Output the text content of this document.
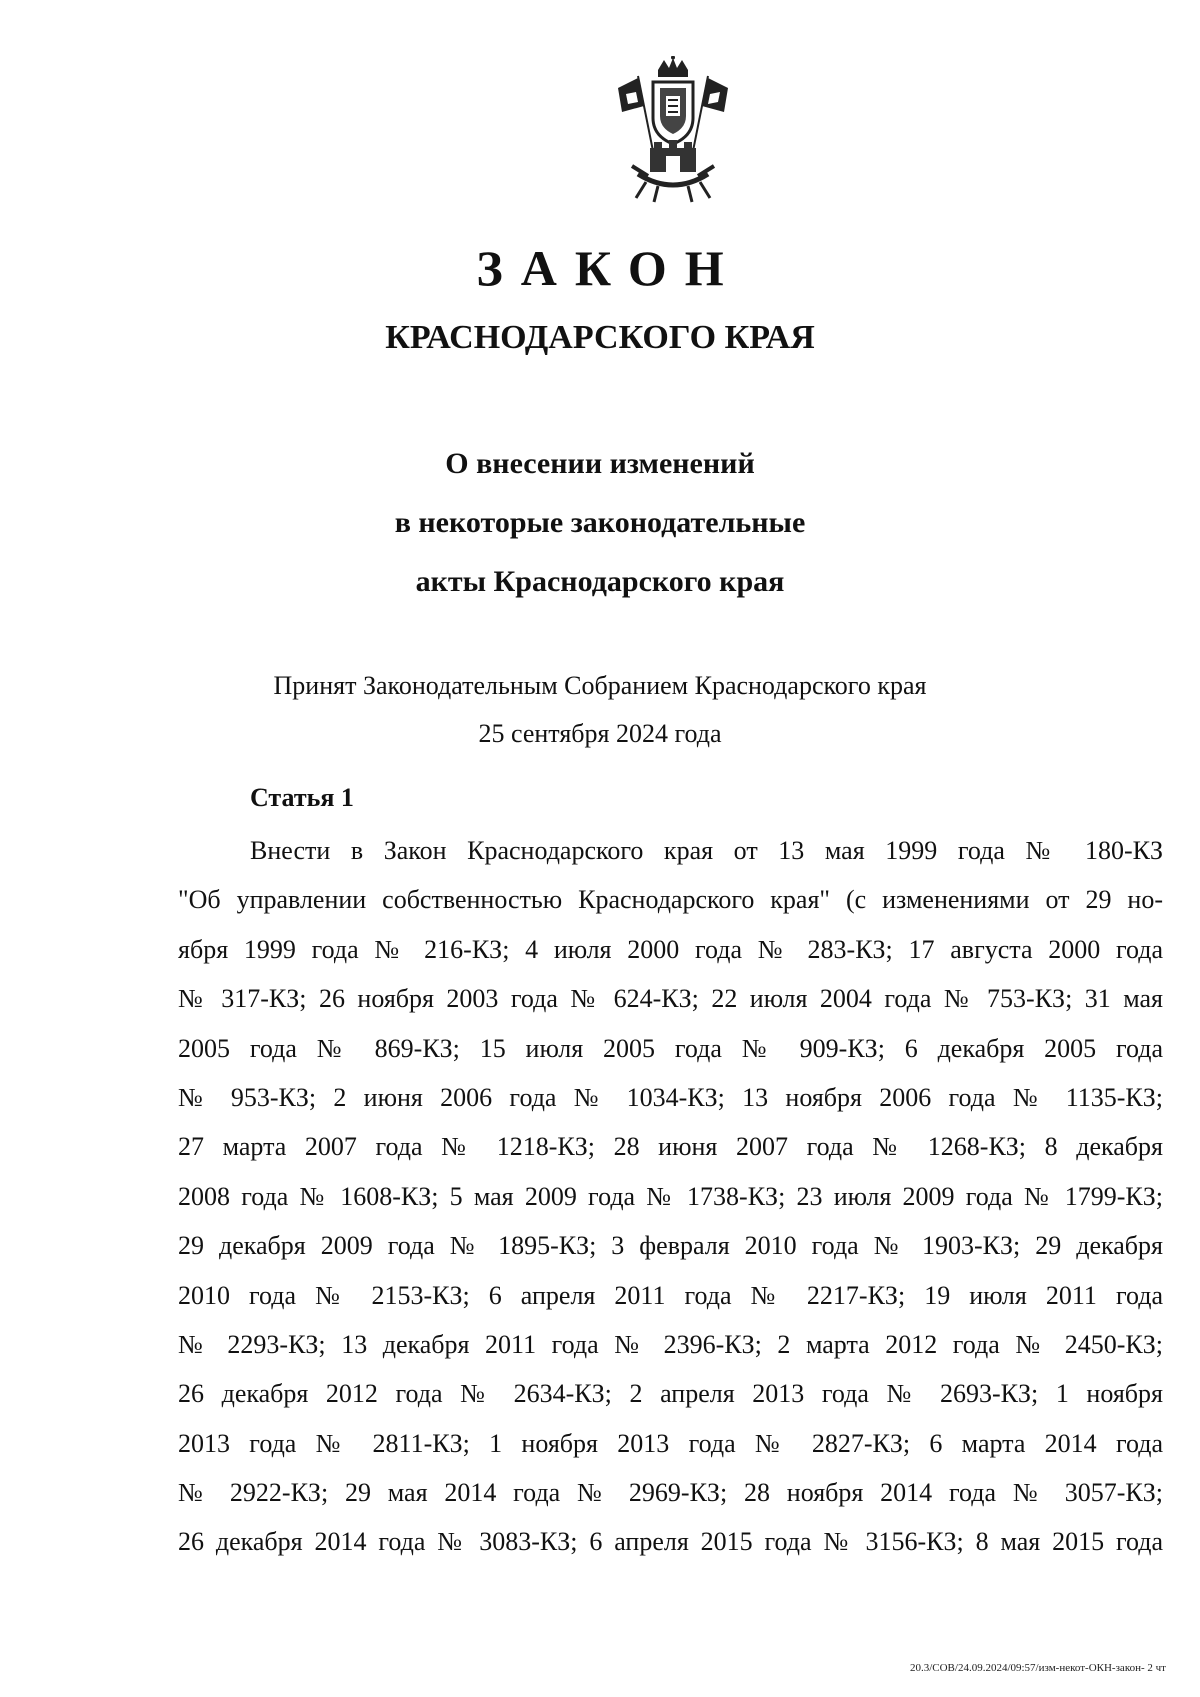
ЗАКОН
КРАСНОДАРСКОГО КРАЯ
О внесении изменений
в некоторые законодательные
акты Краснодарского края
Принят Законодательным Собранием Краснодарского края
25 сентября 2024 года
Статья 1
Внести в Закон Краснодарского края от 13 мая 1999 года № 180-КЗ
"Об управлении собственностью Краснодарского края" (с изменениями от 29 но-
ября 1999 года № 216-КЗ; 4 июля 2000 года № 283-КЗ; 17 августа 2000 года
№ 317-КЗ; 26 ноября 2003 года № 624-КЗ; 22 июля 2004 года № 753-КЗ; 31 мая
2005 года № 869-КЗ; 15 июля 2005 года № 909-КЗ; 6 декабря 2005 года
№ 953-КЗ; 2 июня 2006 года № 1034-КЗ; 13 ноября 2006 года № 1135-КЗ;
27 марта 2007 года № 1218-КЗ; 28 июня 2007 года № 1268-КЗ; 8 декабря
2008 года № 1608-КЗ; 5 мая 2009 года № 1738-КЗ; 23 июля 2009 года № 1799-КЗ;
29 декабря 2009 года № 1895-КЗ; 3 февраля 2010 года № 1903-КЗ; 29 декабря
2010 года № 2153-КЗ; 6 апреля 2011 года № 2217-КЗ; 19 июля 2011 года
№ 2293-КЗ; 13 декабря 2011 года № 2396-КЗ; 2 марта 2012 года № 2450-КЗ;
26 декабря 2012 года № 2634-КЗ; 2 апреля 2013 года № 2693-КЗ; 1 ноября
2013 года № 2811-КЗ; 1 ноября 2013 года № 2827-КЗ; 6 марта 2014 года
№ 2922-КЗ; 29 мая 2014 года № 2969-КЗ; 28 ноября 2014 года № 3057-КЗ;
26 декабря 2014 года № 3083-КЗ; 6 апреля 2015 года № 3156-КЗ; 8 мая 2015 года
20.3/СОВ/24.09.2024/09:57/изм-некот-ОКН-закон- 2 чт
